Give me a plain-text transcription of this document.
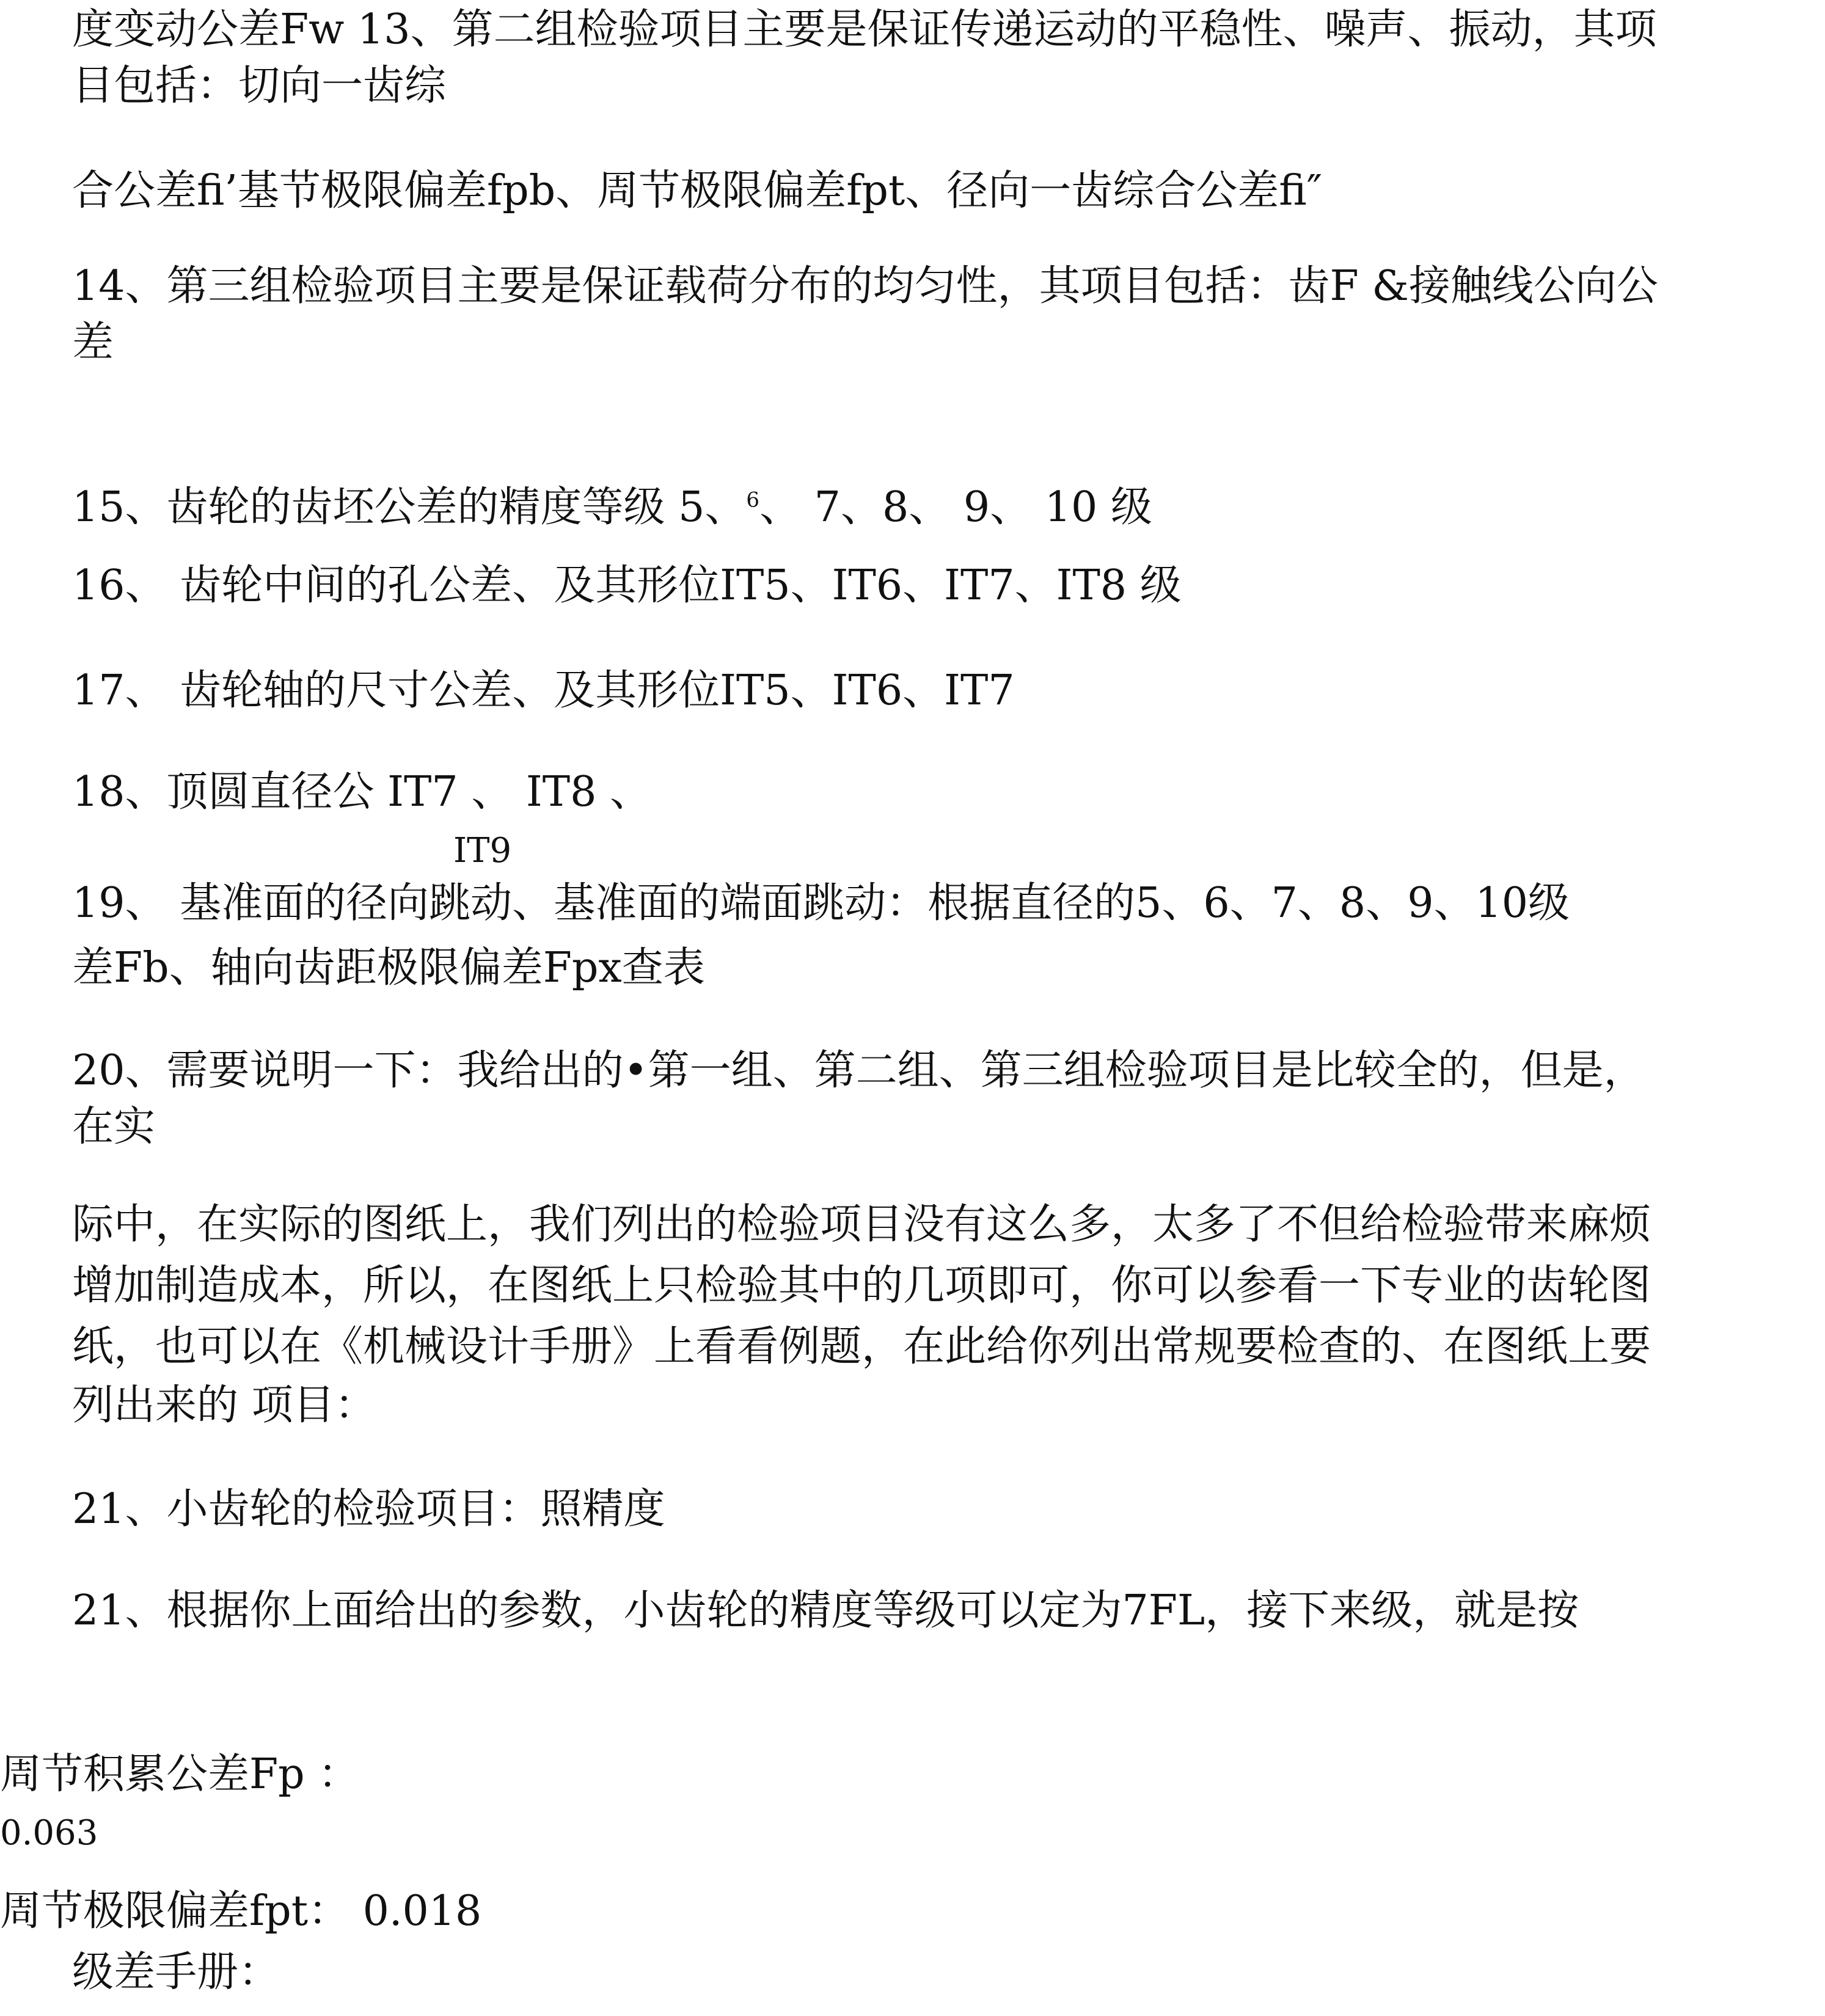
度变动公差Fw 13、第二组检验项目主要是保证传递运动的平稳性、噪声、振动，其项
目包括：切向一齿综
合公差fi’基节极限偏差fpb、周节极限偏差fpt、径向一齿综合公差fi″
14、第三组检验项目主要是保证载荷分布的均匀性，其项目包括：齿F &接触线公向公
差
15、齿轮的齿坯公差的精度等级 5、$^6$、 7、8、 9、 10 级
16、 齿轮中间的孔公差、及其形位IT5、IT6、IT7、IT8 级
17、 齿轮轴的尺寸公差、及其形位IT5、IT6、IT7
18、顶圆直径公 IT7 、 IT8 、
IT9
19、 基准面的径向跳动、基准面的端面跳动：根据直径的5、6、7、8、9、10级
差Fb、轴向齿距极限偏差Fpx查表
20、需要说明一下：我给出的•第一组、第二组、第三组检验项目是比较全的，但是，
在实
际中，在实际的图纸上，我们列出的检验项目没有这么多，太多了不但给检验带来麻烦
增加制造成本，所以，在图纸上只检验其中的几项即可，你可以参看一下专业的齿轮图
纸，也可以在《机械设计手册》上看看例题，在此给你列出常规要检查的、在图纸上要
列出来的 项目：
21、小齿轮的检验项目：照精度
21、根据你上面给出的参数，小齿轮的精度等级可以定为7FL，接下来级，就是按
周节积累公差Fp ：
0.063
周节极限偏差fpt： 0.018
级差手册：
